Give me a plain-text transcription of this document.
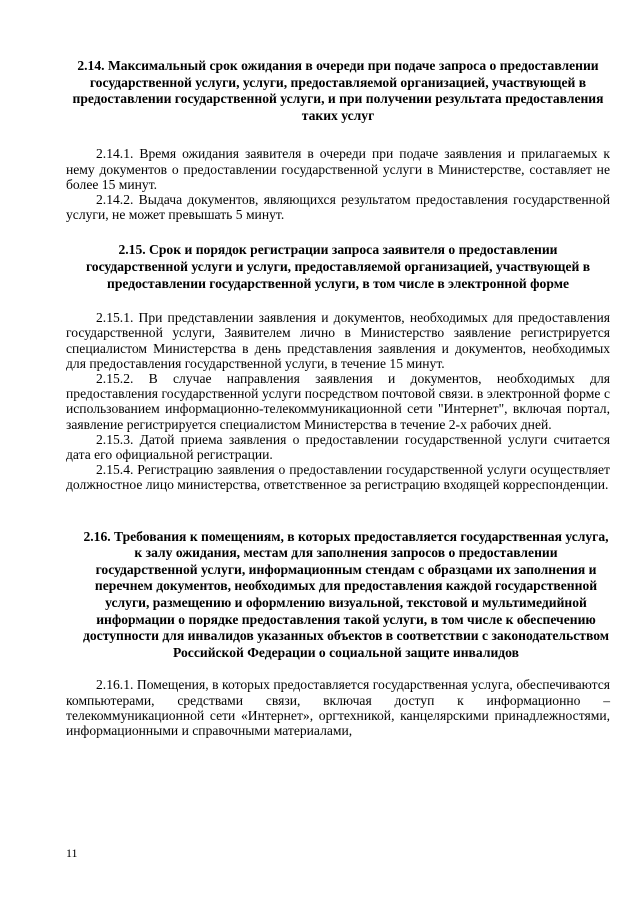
2.14. Максимальный срок ожидания в очереди при подаче запроса о предоставлении государственной услуги, услуги, предоставляемой организацией, участвующей в предоставлении государственной услуги, и при получении результата предоставления таких услуг

2.14.1. Время ожидания заявителя в очереди при подаче заявления и прилагаемых к нему документов о предоставлении государственной услуги в Министерстве, составляет не более 15 минут.

2.14.2. Выдача документов, являющихся результатом предоставления государственной услуги, не может превышать 5 минут.

2.15. Срок и порядок регистрации запроса заявителя о предоставлении государственной услуги и услуги, предоставляемой организацией, участвующей в предоставлении государственной услуги, в том числе в электронной форме

2.15.1. При представлении заявления и документов, необходимых для предоставления государственной услуги, Заявителем лично в Министерство заявление регистрируется специалистом Министерства в день представления заявления и документов, необходимых для предоставления государственной услуги, в течение 15 минут.

2.15.2. В случае направления заявления и документов, необходимых для предоставления государственной услуги посредством почтовой связи. в электронной форме с использованием информационно-телекоммуникационной сети "Интернет", включая портал, заявление регистрируется специалистом Министерства в течение 2-х рабочих дней.

2.15.3. Датой приема заявления о предоставлении государственной услуги считается дата его официальной регистрации.

2.15.4. Регистрацию заявления о предоставлении государственной услуги осуществляет должностное лицо министерства, ответственное за регистрацию входящей корреспонденции.

2.16. Требования к помещениям, в которых предоставляется государственная услуга, к залу ожидания, местам для заполнения запросов о предоставлении государственной услуги, информационным стендам с образцами их заполнения и перечнем документов, необходимых для предоставления каждой государственной услуги, размещению и оформлению визуальной, текстовой и мультимедийной информации о порядке предоставления такой услуги, в том числе к обеспечению доступности для инвалидов указанных объектов в соответствии с законодательством Российской Федерации о социальной защите инвалидов

2.16.1. Помещения, в которых предоставляется государственная услуга, обеспечиваются компьютерами, средствами связи, включая доступ к информационно – телекоммуникационной сети «Интернет», оргтехникой, канцелярскими принадлежностями, информационными и справочными материалами,

11
